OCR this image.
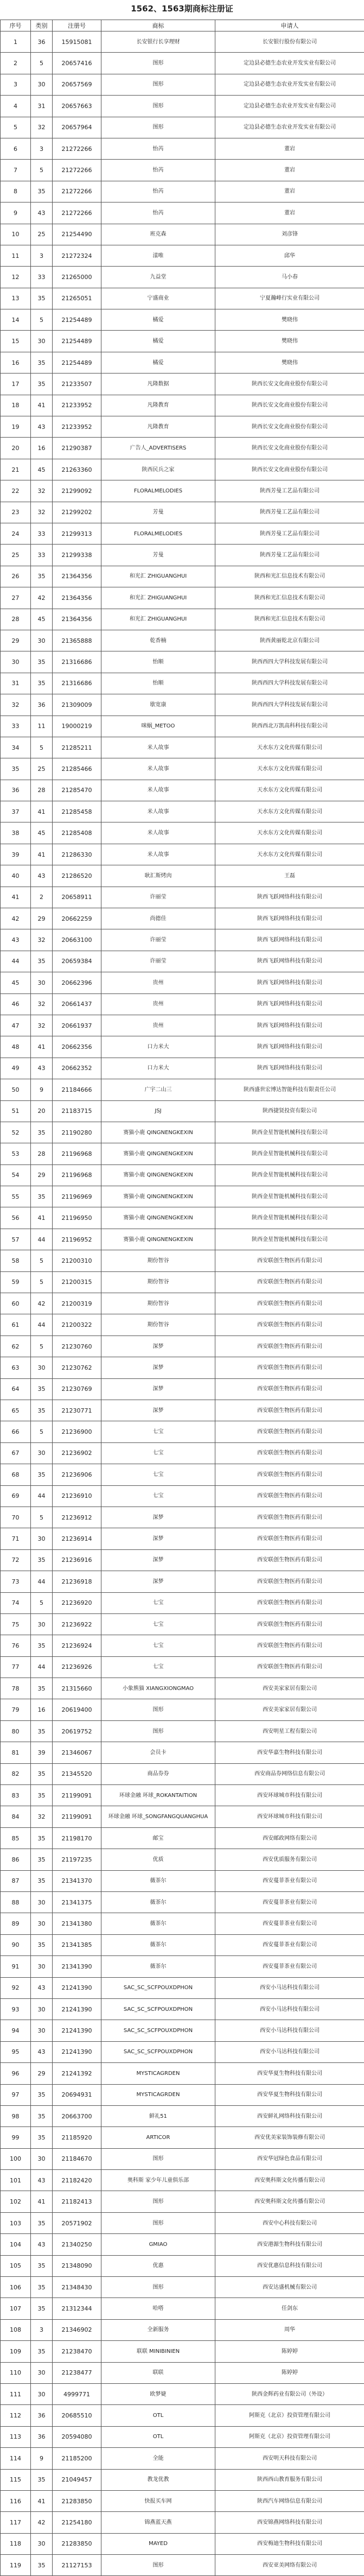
1562、1563期商标注册证
序号	类别	注册号	商标	申请人
1	36	15915081	长安银行长享理财	长安银行股份有限公司
2	5	20657416	图形	定边县必德生态农业开发实业有限公司
3	30	20657569	图形	定边县必德生态农业开发实业有限公司
4	31	20657663	图形	定边县必德生态农业开发实业有限公司
5	32	20657964	图形	定边县必德生态农业开发实业有限公司
6	3	21272266	怡芮	董岩
7	5	21272266	怡芮	董岩
8	35	21272266	怡芮	董岩
9	43	21272266	怡芮	董岩
10	25	21254490	班克森	刘彦锋
11	3	21272324	漾唯	邱华
12	33	21265000	九益堂	马小春
13	35	21265051	宁盛商业	宁夏瀚峰行实业有限公司
14	5	21254489	橘爱	樊晓伟
15	30	21254489	橘爱	樊晓伟
16	35	21254489	橘爱	樊晓伟
17	35	21233507	凡隆数据	陕西长安文化商业股份有限公司
18	41	21233952	凡隆教育	陕西长安文化商业股份有限公司
19	43	21233952	凡隆教育	陕西长安文化商业股份有限公司
20	16	21290387	广告人_ADVERTISERS	陕西长安文化商业股份有限公司
21	45	21263360	陕西民兵之家	陕西长安文化商业股份有限公司
22	32	21299092	FLORALMELODIES	陕西芳曼工艺品有限公司
23	32	21299202	芳曼	陕西芳曼工艺品有限公司
24	33	21299313	FLORALMELODIES	陕西芳曼工艺品有限公司
25	33	21299338	芳曼	陕西芳曼工艺品有限公司
26	35	21364356	和光汇 ZHIGUANGHUI	陕西和光汇信息技术有限公司
27	42	21364356	和光汇 ZHIGUANGHUI	陕西和光汇信息技术有限公司
28	45	21364356	和光汇 ZHIGUANGHUI	陕西和光汇信息技术有限公司
29	30	21365888	乾香楠	陕西黄丽乾北京有限公司
30	35	21316686	怡顺	陕西西四大学科技发展有限公司
31	35	21316686	怡顺	陕西西四大学科技发展有限公司
32	36	21309009	歇宽康	陕西西四大学科技发展有限公司
33	11	19000219	咪蜗_METOO	陕西西北万凯高科科技有限公司
34	5	21285211	米人故事	天水东方文化传媒有限公司
35	25	21285466	米人故事	天水东方文化传媒有限公司
36	28	21285470	米人故事	天水东方文化传媒有限公司
37	41	21285458	米人故事	天水东方文化传媒有限公司
38	45	21285408	米人故事	天水东方文化传媒有限公司
39	41	21286330	米人故事	天水东方文化传媒有限公司
40	43	21286520	耿汇斯烤肉	王磊
41	2	20658911	许丽莹	陕西飞跃网络科技有限公司
42	29	20662259	尚德佳	陕西飞跃网络科技有限公司
43	32	20663100	许丽莹	陕西飞跃网络科技有限公司
44	35	20659384	许丽莹	陕西飞跃网络科技有限公司
45	30	20662396	贵州	陕西飞跃网络科技有限公司
46	32	20661437	贵州	陕西飞跃网络科技有限公司
47	32	20661937	贵州	陕西飞跃网络科技有限公司
48	41	20662356	口力米大	陕西飞跃网络科技有限公司
49	43	20662352	口力米大	陕西飞跃网络科技有限公司
50	9	21184666	广宇二山三	陕西盛世宏博达智能科技有限责任公司
51	20	21183715	JSJ	陕西捷贤投资有限公司
52	35	21190280	赛猫小鹿 QINGNENGKEXIN	陕西金星智能机械科技有限公司
53	28	21196968	赛猫小鹿 QINGNENGKEXIN	陕西金星智能机械科技有限公司
54	29	21196968	赛猫小鹿 QINGNENGKEXIN	陕西金星智能机械科技有限公司
55	35	21196969	赛猫小鹿 QINGNENGKEXIN	陕西金星智能机械科技有限公司
56	41	21196950	赛猫小鹿 QINGNENGKEXIN	陕西金星智能机械科技有限公司
57	44	21196952	赛猫小鹿 QINGNENGKEXIN	陕西金星智能机械科技有限公司
58	5	21200310	期份智谷	西安联创生物医药有限公司
59	5	21200315	期份智谷	西安联创生物医药有限公司
60	42	21200319	期份智谷	西安联创生物医药有限公司
61	44	21200322	期份智谷	西安联创生物医药有限公司
62	5	21230760	深梦	西安联创生物医药有限公司
63	30	21230762	深梦	西安联创生物医药有限公司
64	35	21230769	深梦	西安联创生物医药有限公司
65	35	21230771	深梦	西安联创生物医药有限公司
66	5	21236900	七宝	西安联创生物医药有限公司
67	30	21236902	七宝	西安联创生物医药有限公司
68	35	21236906	七宝	西安联创生物医药有限公司
69	44	21236910	七宝	西安联创生物医药有限公司
70	5	21236912	深梦	西安联创生物医药有限公司
71	30	21236914	深梦	西安联创生物医药有限公司
72	35	21236916	深梦	西安联创生物医药有限公司
73	44	21236918	深梦	西安联创生物医药有限公司
74	5	21236920	七宝	西安联创生物医药有限公司
75	30	21236922	七宝	西安联创生物医药有限公司
76	35	21236924	七宝	西安联创生物医药有限公司
77	44	21236926	七宝	西安联创生物医药有限公司
78	35	21315660	小象熊猫 XIANGXIONGMAO	西安美家家居有限公司
79	16	20619400	图形	西安美家家居有限公司
80	35	20619752	图形	西安明星工程有限公司
81	39	21346067	会员卡	西安华嘉生物科技有限公司
82	35	21345520	商品券券	西安商品券网络信息有限公司
83	35	21199091	环球金融 环球_ROKANTAITION	西安环球城市科技有限公司
84	32	21199091	环球金融 环球_SONGFANGQUANGHUA	西安环球城市科技有限公司
85	35	21198170	邮宝	西安邮政网络有限公司
86	35	21197235	优质	西安优质服务有限公司
87	35	21341370	薇茶尔	西安蔓菲茶业有限公司
88	30	21341375	薇茶尔	西安蔓菲茶业有限公司
89	30	21341380	薇茶尔	西安蔓菲茶业有限公司
90	35	21341385	薇茶尔	西安蔓菲茶业有限公司
91	30	21341390	薇茶尔	西安蔓菲茶业有限公司
92	43	21241390	SAC_SC_SCFPOUXDPHON	西安小马达科技有限公司
93	30	21241390	SAC_SC_SCFPOUXDPHON	西安小马达科技有限公司
94	30	21241390	SAC_SC_SCFPOUXDPHON	西安小马达科技有限公司
95	43	21241390	SAC_SC_SCFPOUXDPHON	西安小马达科技有限公司
96	29	21241392	MYSTICAGRDEN	西安华夏生物科技有限公司
97	35	20694931	MYSTICAGRDEN	西安华夏生物科技有限公司
98	35	20663700	鲜礼51	西安鲜礼网络科技有限公司
99	35	21185920	ARTICOR	西安优美家装饰装修有限公司
100	30	21184670	图形	西安华冠绿色食品有限公司
101	43	21182420	奥科斯 家少年儿童俱乐部	西安奥科斯文化传播有限公司
102	41	21182413	图形	西安奥科斯文化传播有限公司
103	35	20571902	图形	西安中心科技有限公司
104	43	21340250	GMIAO	西安港源生物科技有限公司
105	35	21348090	优惠	西安优惠信息科技有限公司
106	35	21348430	图形	西安达盛机械有限公司
107	35	21312344	哈嗒	任剑东
108	3	21346902	全新服务	周华
109	35	21238470	联联 MINIBINIEN	陈婷婷
110	30	21238477	联联	陈婷婷
111	30	4999771	欧梦婕	陕西金辉药业有限公司（外设）
112	36	20685510	OTL	阿斯克（北京）投资管理有限公司
113	36	20594080	OTL	阿斯克（北京）投资管理有限公司
114	9	21185200	全能	西安明天科技有限公司
115	35	21049457	教龙优教	陕西西山教育服务有限公司
116	41	21283850	快报买车网	陕西汽车网络信息有限公司
117	42	21254180	锦燕蓝天燕	西安锦燕网络科技有限公司
118	30	21283850	MAYED	西安梅迪生物科技有限公司
119	35	21127153	图形	西安亚美网络有限公司
